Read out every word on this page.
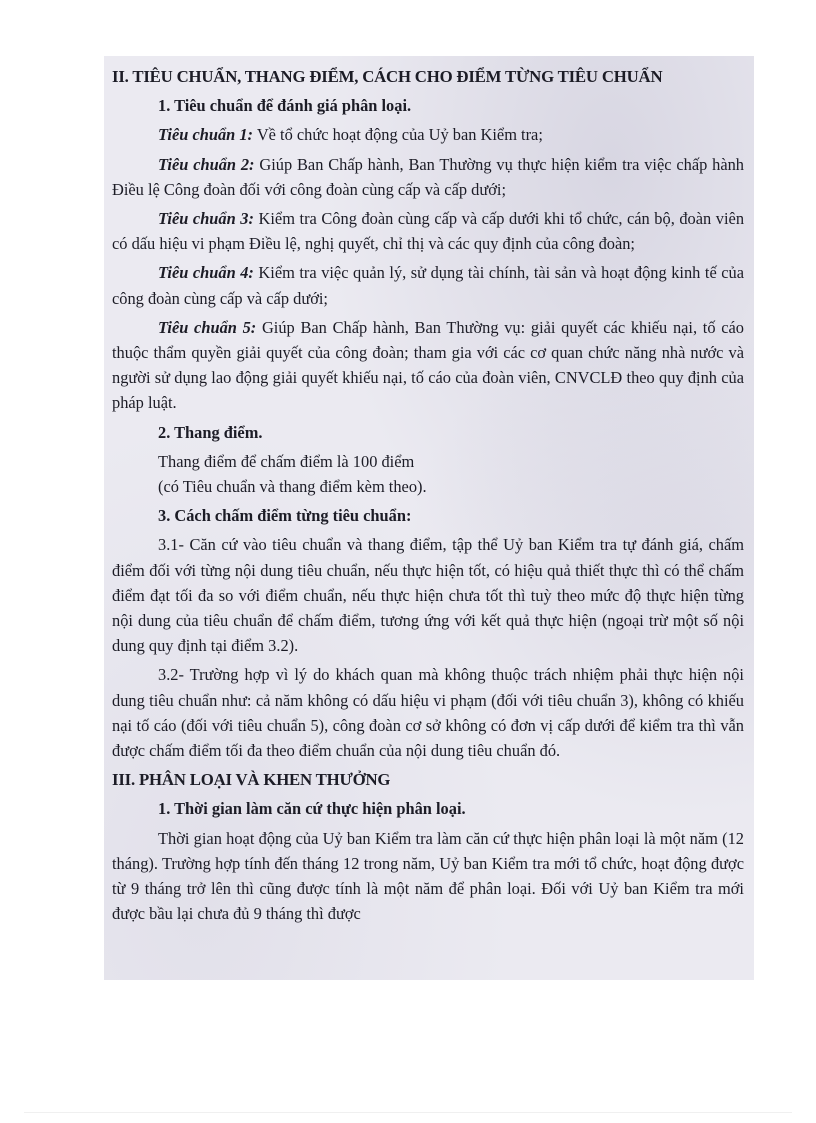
II. TIÊU CHUẨN, THANG ĐIỂM, CÁCH CHO ĐIỂM TỪNG TIÊU CHUẨN

1. Tiêu chuẩn để đánh giá phân loại.

Tiêu chuẩn 1: Về tổ chức hoạt động của Uỷ ban Kiểm tra;

Tiêu chuẩn 2: Giúp Ban Chấp hành, Ban Thường vụ thực hiện kiểm tra việc chấp hành Điều lệ Công đoàn đối với công đoàn cùng cấp và cấp dưới;

Tiêu chuẩn 3: Kiểm tra Công đoàn cùng cấp và cấp dưới khi tổ chức, cán bộ, đoàn viên có dấu hiệu vi phạm Điều lệ, nghị quyết, chỉ thị và các quy định của công đoàn;

Tiêu chuẩn 4: Kiểm tra việc quản lý, sử dụng tài chính, tài sản và hoạt động kinh tế của công đoàn cùng cấp và cấp dưới;

Tiêu chuẩn 5: Giúp Ban Chấp hành, Ban Thường vụ: giải quyết các khiếu nại, tố cáo thuộc thẩm quyền giải quyết của công đoàn; tham gia với các cơ quan chức năng nhà nước và người sử dụng lao động giải quyết khiếu nại, tố cáo của đoàn viên, CNVCLĐ theo quy định của pháp luật.

2. Thang điểm.

Thang điểm để chấm điểm là 100 điểm

(có Tiêu chuẩn và thang điểm kèm theo).

3. Cách chấm điểm từng tiêu chuẩn:

3.1- Căn cứ vào tiêu chuẩn và thang điểm, tập thể Uỷ ban Kiểm tra tự đánh giá, chấm điểm đối với từng nội dung tiêu chuẩn, nếu thực hiện tốt, có hiệu quả thiết thực thì có thể chấm điểm đạt tối đa so với điểm chuẩn, nếu thực hiện chưa tốt thì tuỳ theo mức độ thực hiện từng nội dung của tiêu chuẩn để chấm điểm, tương ứng với kết quả thực hiện (ngoại trừ một số nội dung quy định tại điểm 3.2).

3.2- Trường hợp vì lý do khách quan mà không thuộc trách nhiệm phải thực hiện nội dung tiêu chuẩn như: cả năm không có dấu hiệu vi phạm (đối với tiêu chuẩn 3), không có khiếu nại tố cáo (đối với tiêu chuẩn 5), công đoàn cơ sở không có đơn vị cấp dưới để kiểm tra thì vẫn được chấm điểm tối đa theo điểm chuẩn của nội dung tiêu chuẩn đó.

III. PHÂN LOẠI VÀ KHEN THƯỞNG

1. Thời gian làm căn cứ thực hiện phân loại.

Thời gian hoạt động của Uỷ ban Kiểm tra làm căn cứ thực hiện phân loại là một năm (12 tháng). Trường hợp tính đến tháng 12 trong năm, Uỷ ban Kiểm tra mới tổ chức, hoạt động được từ 9 tháng trở lên thì cũng được tính là một năm để phân loại. Đối với Uỷ ban Kiểm tra mới được bầu lại chưa đủ 9 tháng thì được
